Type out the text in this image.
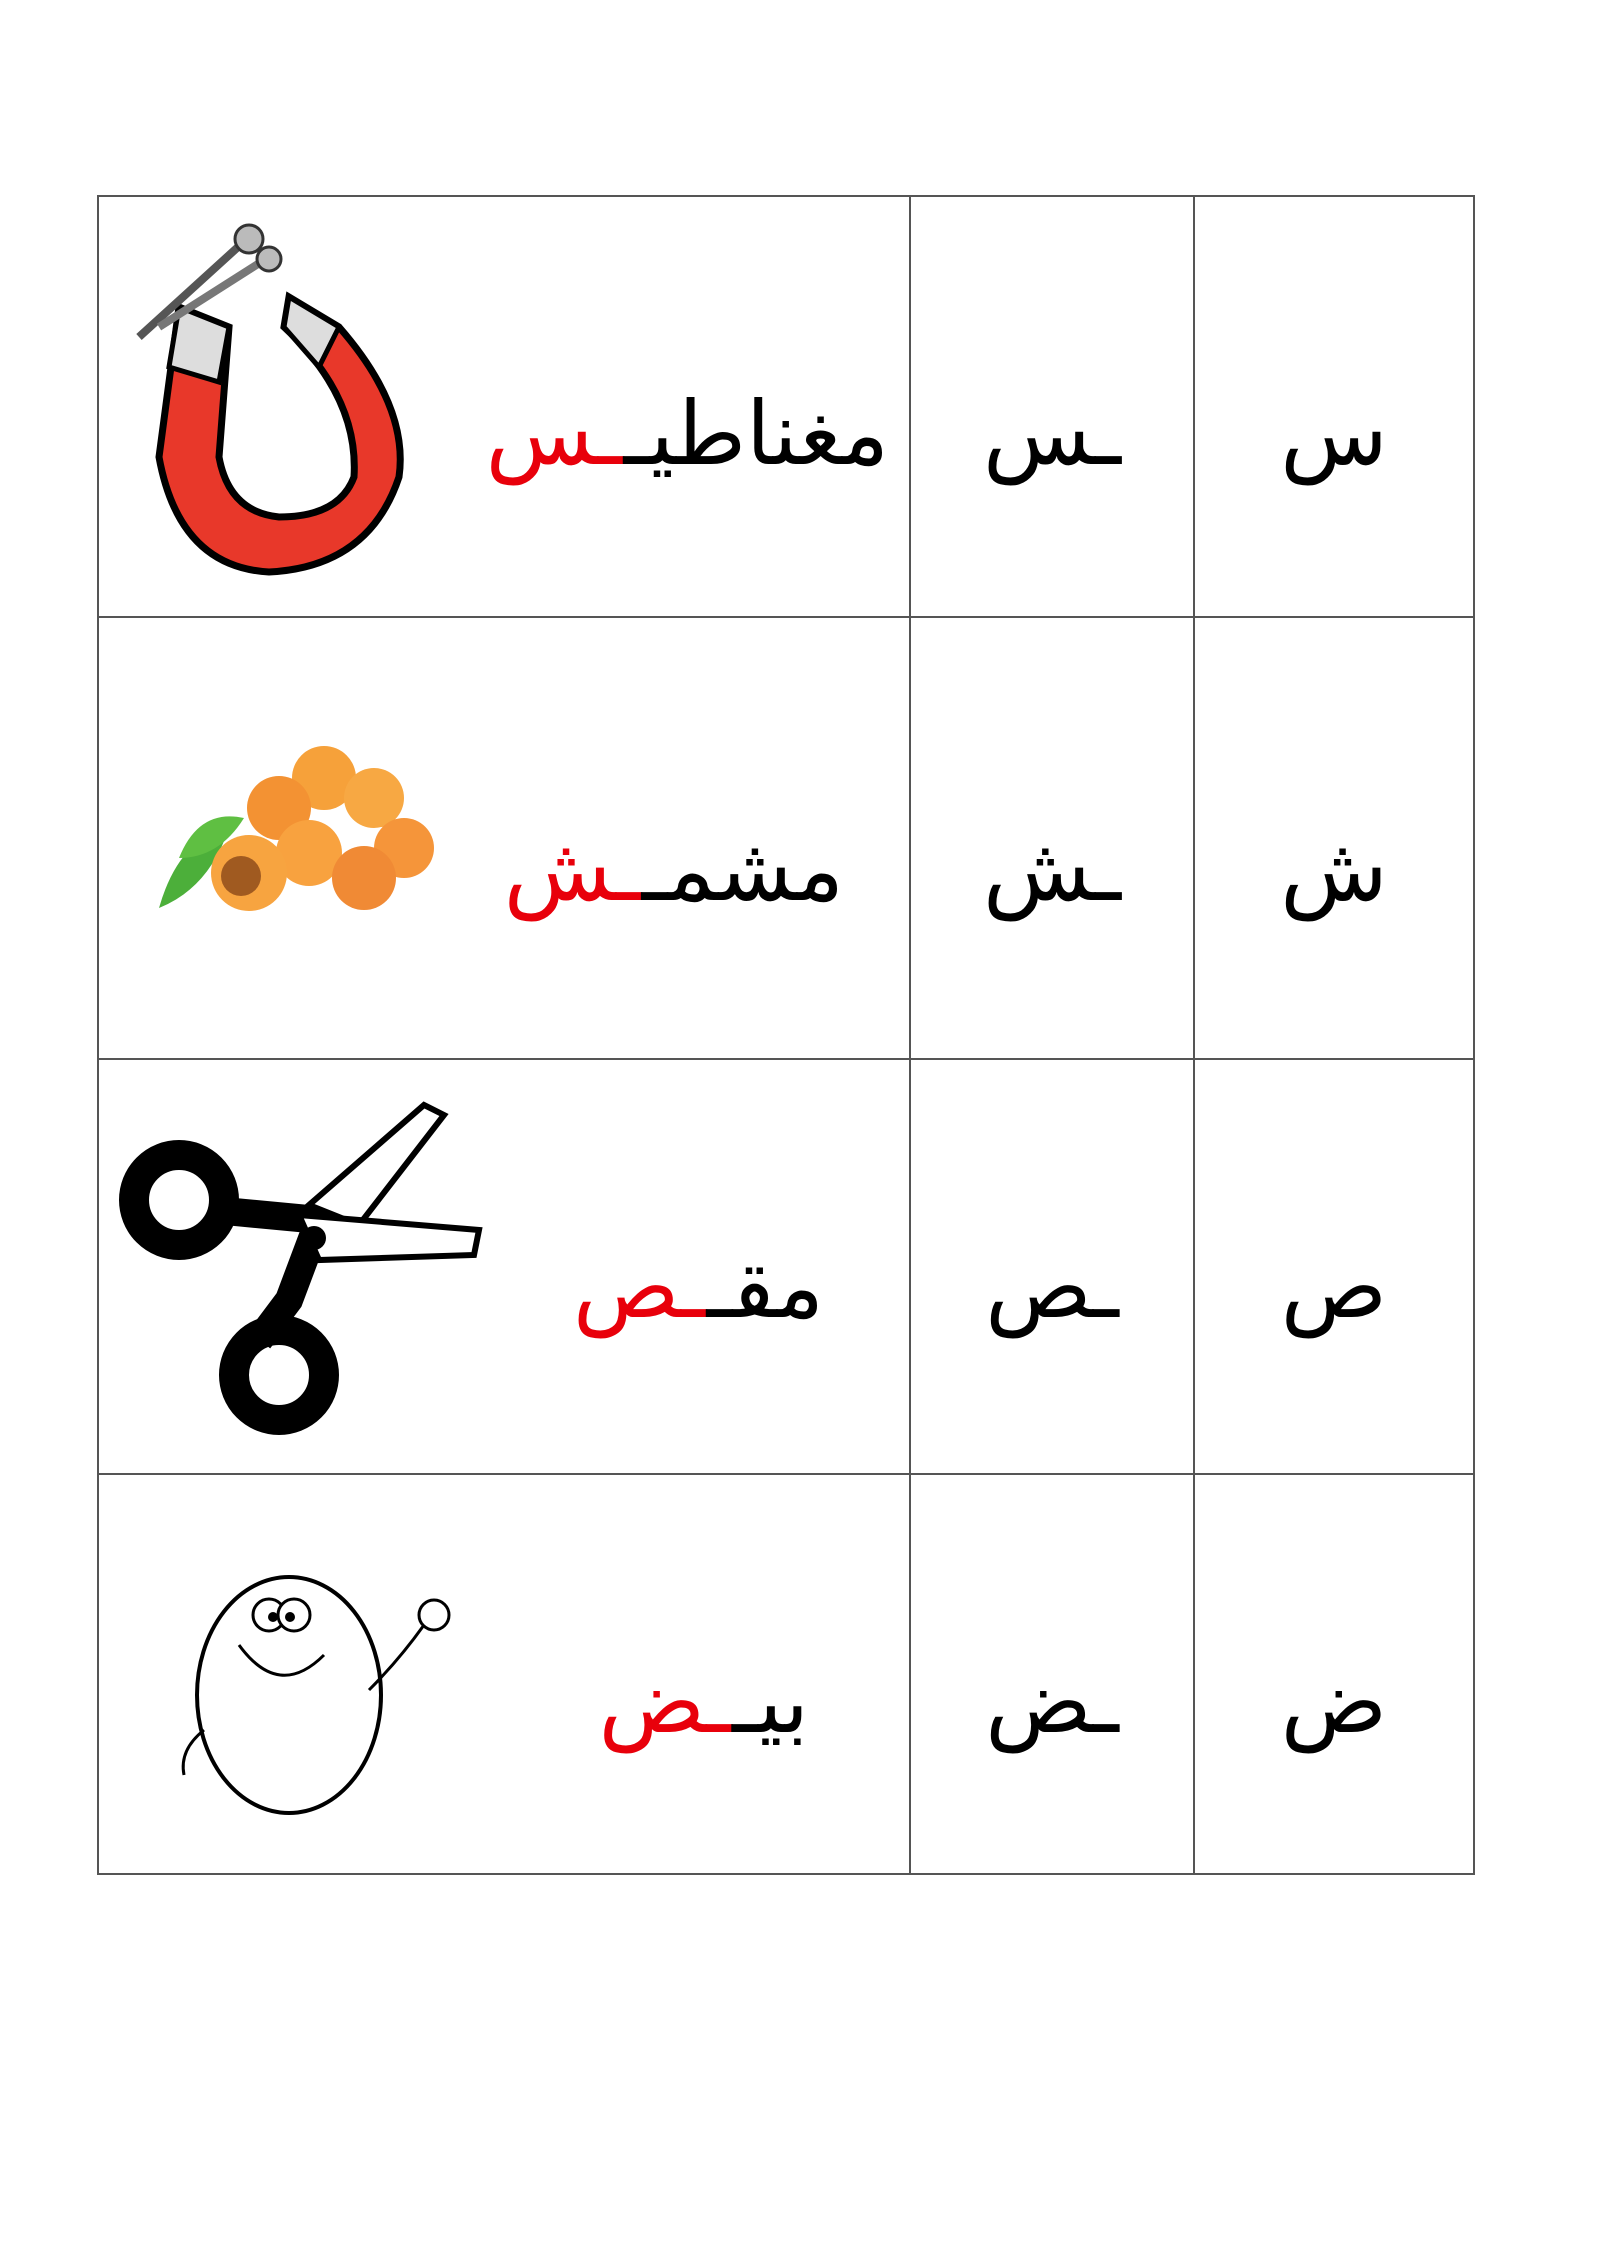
مغناطيــس	ـس	س

مشمــش	ـش	ش

مقــص	ـص	ص

بيــض	ـض	ض
